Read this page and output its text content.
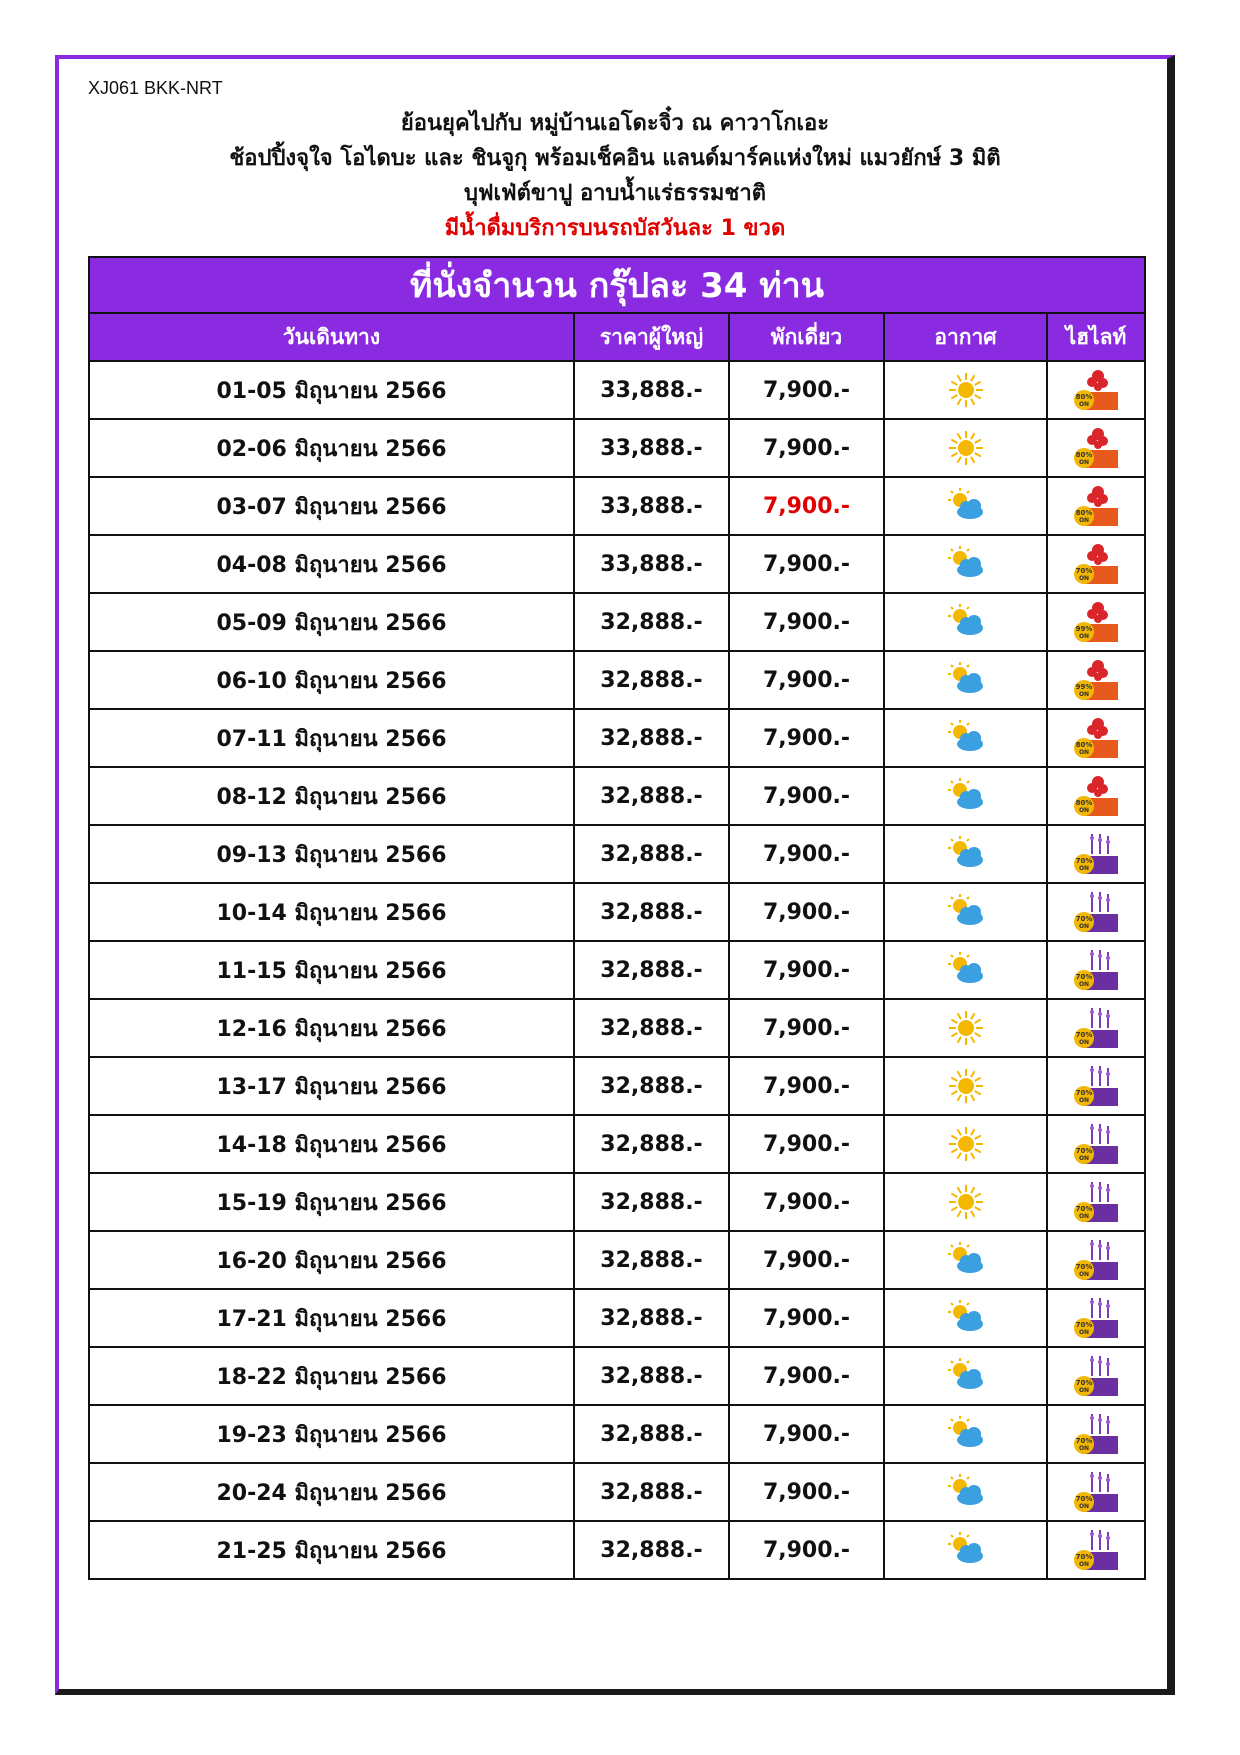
XJ061 BKK-NRT
ย้อนยุคไปกับ หมู่บ้านเอโดะจิ๋ว ณ คาวาโกเอะ
ช้อปปิ้งจุใจ โอไดบะ และ ชินจูกุ พร้อมเช็คอิน แลนด์มาร์คแห่งใหม่ แมวยักษ์ 3 มิติ
บุฟเฟ่ต์ขาปู อาบน้ำแร่ธรรมชาติ
มีน้ำดื่มบริการบนรถบัสวันละ 1 ขวด
ที่นั่งจำนวน กรุ๊ปละ 34 ท่าน				
วันเดินทาง	ราคาผู้ใหญ่	พักเดี่ยว	อากาศ	ไฮไลท์
01-05 มิถุนายน 2566	33,888.-	7,900.-		80%
ON

02-06 มิถุนายน 2566	33,888.-	7,900.-		80%
ON

03-07 มิถุนายน 2566	33,888.-	7,900.-		80%
ON

04-08 มิถุนายน 2566	33,888.-	7,900.-		70%
ON

05-09 มิถุนายน 2566	32,888.-	7,900.-		99%
ON

06-10 มิถุนายน 2566	32,888.-	7,900.-		99%
ON

07-11 มิถุนายน 2566	32,888.-	7,900.-		80%
ON

08-12 มิถุนายน 2566	32,888.-	7,900.-		80%
ON

09-13 มิถุนายน 2566	32,888.-	7,900.-		70%
ON

10-14 มิถุนายน 2566	32,888.-	7,900.-		70%
ON

11-15 มิถุนายน 2566	32,888.-	7,900.-		70%
ON

12-16 มิถุนายน 2566	32,888.-	7,900.-		70%
ON

13-17 มิถุนายน 2566	32,888.-	7,900.-		70%
ON

14-18 มิถุนายน 2566	32,888.-	7,900.-		70%
ON

15-19 มิถุนายน 2566	32,888.-	7,900.-		70%
ON

16-20 มิถุนายน 2566	32,888.-	7,900.-		70%
ON

17-21 มิถุนายน 2566	32,888.-	7,900.-		70%
ON

18-22 มิถุนายน 2566	32,888.-	7,900.-		70%
ON

19-23 มิถุนายน 2566	32,888.-	7,900.-		70%
ON

20-24 มิถุนายน 2566	32,888.-	7,900.-		70%
ON

21-25 มิถุนายน 2566	32,888.-	7,900.-		70%
ON
